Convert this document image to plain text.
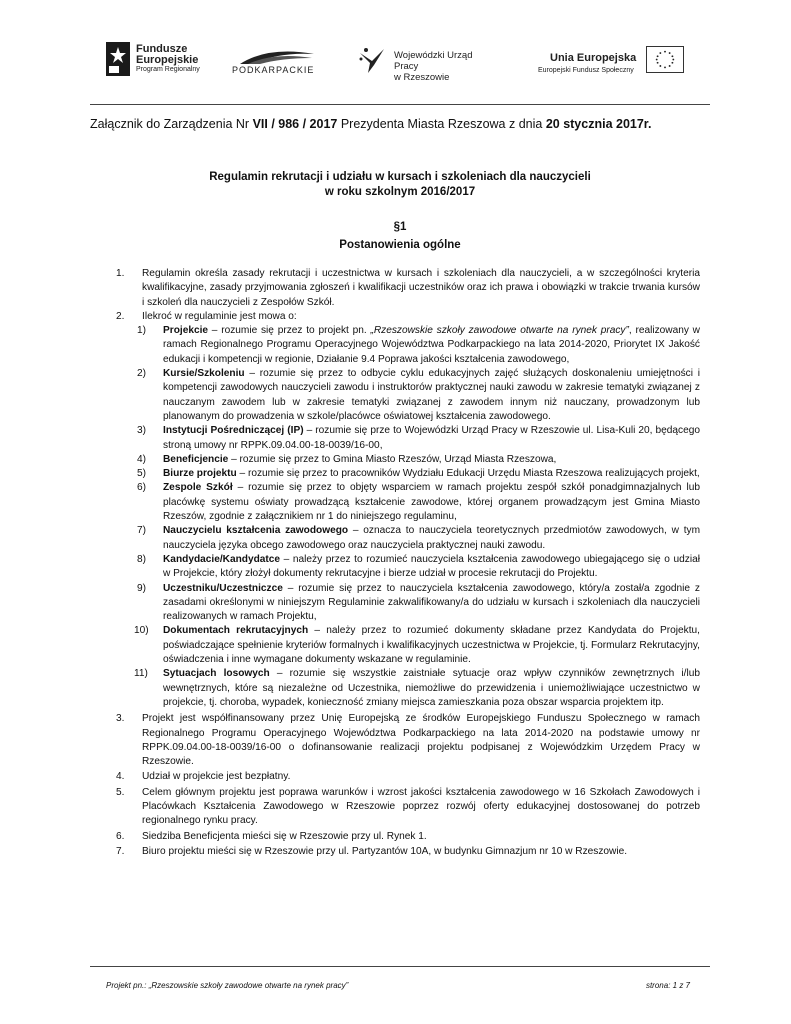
Fundusze
Europejskie
Program Regionalny	PODKARPACKIE
Wojewódzki Urząd Pracy
w Rzeszowie
Unia Europejska
Europejski Fundusz Społeczny
Załącznik do Zarządzenia Nr VII / 986 / 2017 Prezydenta Miasta Rzeszowa z dnia 20 stycznia 2017r.
Regulamin rekrutacji i udziału w kursach i szkoleniach dla nauczycieli
w roku szkolnym 2016/2017
§1
Postanowienia ogólne
1. Regulamin określa zasady rekrutacji i uczestnictwa w kursach i szkoleniach dla nauczycieli, a w szczególności kryteria kwalifikacyjne, zasady przyjmowania zgłoszeń i kwalifikacji uczestników oraz ich prawa i obowiązki w trakcie trwania kursów i szkoleń dla nauczycieli z Zespołów Szkół.
2. Ilekroć w regulaminie jest mowa o:
1) Projekcie – rozumie się przez to projekt pn. „Rzeszowskie szkoły zawodowe otwarte na rynek pracy”, realizowany w ramach Regionalnego Programu Operacyjnego Województwa Podkarpackiego na lata 2014-2020, Priorytet IX Jakość edukacji i kompetencji w regionie, Działanie 9.4 Poprawa jakości kształcenia zawodowego,
2) Kursie/Szkoleniu – rozumie się przez to odbycie cyklu edukacyjnych zajęć służących doskonaleniu umiejętności i kompetencji zawodowych nauczycieli zawodu i instruktorów praktycznej nauki zawodu w zakresie tematyki związanej z nauczanym zawodem lub w zakresie tematyki związanej z zawodem innym niż nauczany, prowadzonym lub planowanym do prowadzenia w szkole/placówce oświatowej kształcenia zawodowego.
3) Instytucji Pośredniczącej (IP) – rozumie się prze to Wojewódzki Urząd Pracy w Rzeszowie ul. Lisa-Kuli 20, będącego stroną umowy nr RPPK.09.04.00-18-0039/16-00,
4) Beneficjencie – rozumie się przez to Gmina Miasto Rzeszów, Urząd Miasta Rzeszowa,
5) Biurze projektu – rozumie się przez to pracowników Wydziału Edukacji Urzędu Miasta Rzeszowa realizujących projekt,
6) Zespole Szkół – rozumie się przez to objęty wsparciem w ramach projektu zespół szkół ponadgimnazjalnych lub placówkę systemu oświaty prowadzącą kształcenie zawodowe, której organem prowadzącym jest Gmina Miasto Rzeszów, zgodnie z załącznikiem nr 1 do niniejszego regulaminu,
7) Nauczycielu kształcenia zawodowego – oznacza to nauczyciela teoretycznych przedmiotów zawodowych, w tym nauczyciela języka obcego zawodowego oraz nauczyciela praktycznej nauki zawodu.
8) Kandydacie/Kandydatce – należy przez to rozumieć nauczyciela kształcenia zawodowego ubiegającego się o udział w Projekcie, który złożył dokumenty rekrutacyjne i bierze udział w procesie rekrutacji do Projektu.
9) Uczestniku/Uczestniczce – rozumie się przez to nauczyciela kształcenia zawodowego, który/a został/a zgodnie z zasadami określonymi w niniejszym Regulaminie zakwalifikowany/a do udziału w kursach i szkoleniach dla nauczycieli realizowanych w ramach Projektu,
10) Dokumentach rekrutacyjnych – należy przez to rozumieć dokumenty składane przez Kandydata do Projektu, poświadczające spełnienie kryteriów formalnych i kwalifikacyjnych uczestnictwa w Projekcie, tj. Formularz Rekrutacyjny, oświadczenia i inne wymagane dokumenty wskazane w regulaminie.
11) Sytuacjach losowych – rozumie się wszystkie zaistniałe sytuacje oraz wpływ czynników zewnętrznych i/lub wewnętrznych, które są niezależne od Uczestnika, niemożliwe do przewidzenia i uniemożliwiające uczestnictwo w projekcie, tj. choroba, wypadek, konieczność zmiany miejsca zamieszkania poza obszar wsparcia projektem itp.
3. Projekt jest współfinansowany przez Unię Europejską ze środków Europejskiego Funduszu Społecznego w ramach Regionalnego Programu Operacyjnego Województwa Podkarpackiego na lata 2014-2020 na podstawie umowy nr RPPK.09.04.00-18-0039/16-00 o dofinansowanie realizacji projektu podpisanej z Wojewódzkim Urzędem Pracy w Rzeszowie.
4. Udział w projekcie jest bezpłatny.
5. Celem głównym projektu jest poprawa warunków i wzrost jakości kształcenia zawodowego w 16 Szkołach Zawodowych i Placówkach Kształcenia Zawodowego w Rzeszowie poprzez rozwój oferty edukacyjnej dostosowanej do potrzeb regionalnego rynku pracy.
6. Siedziba Beneficjenta mieści się w Rzeszowie przy ul. Rynek 1.
7. Biuro projektu mieści się w Rzeszowie przy ul. Partyzantów 10A, w budynku Gimnazjum nr 10 w Rzeszowie.
Projekt pn.: „Rzeszowskie szkoły zawodowe otwarte na rynek pracy”	strona: 1 z 7
